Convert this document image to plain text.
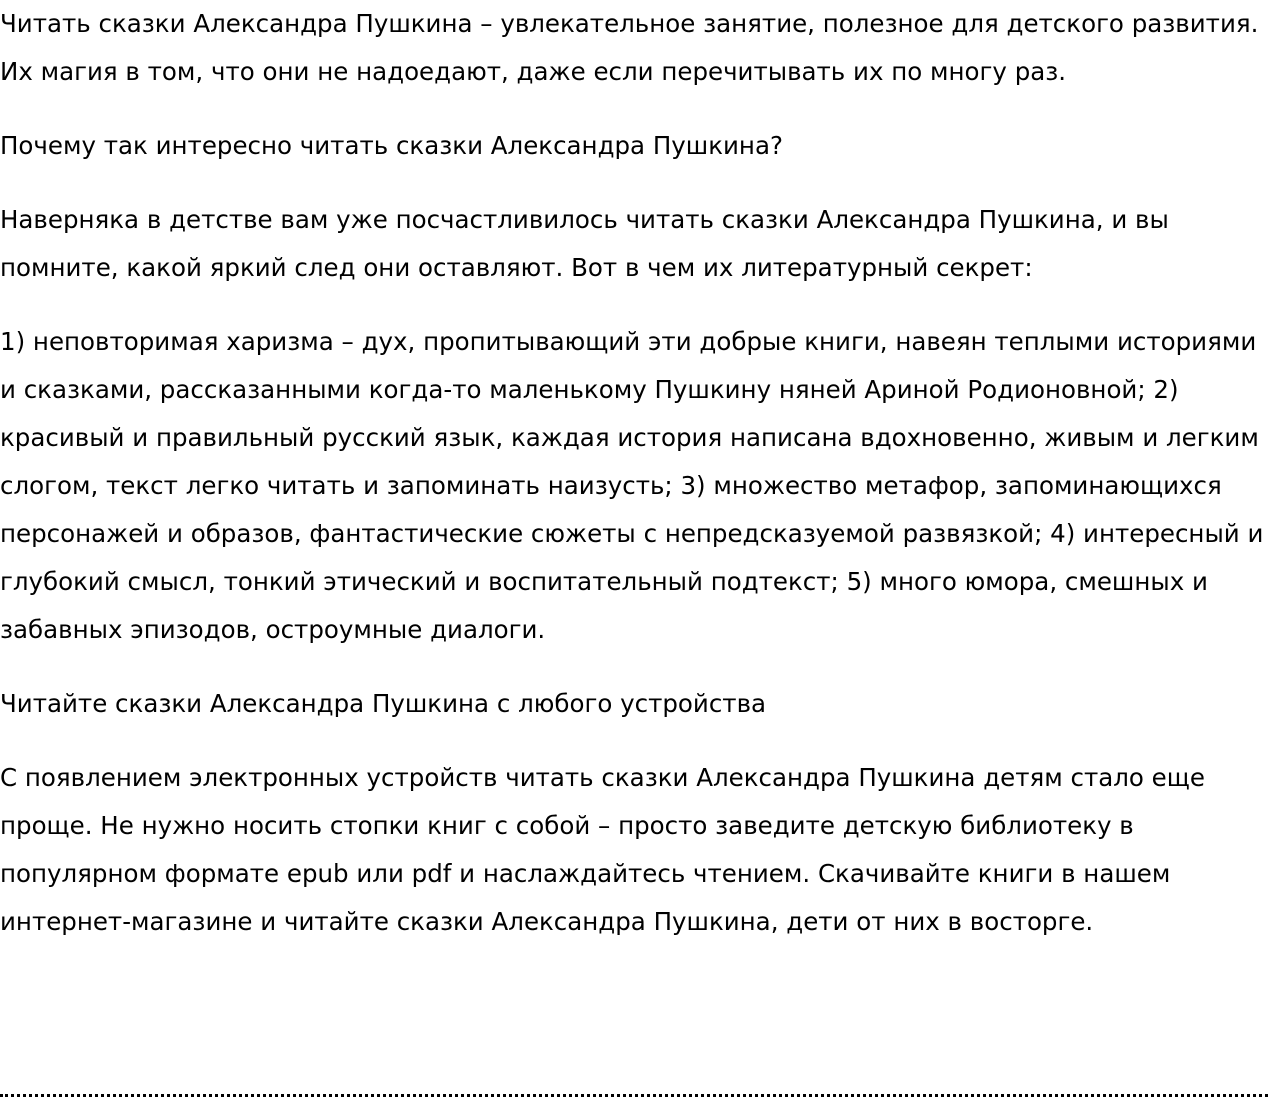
Читать сказки Александра Пушкина – увлекательное занятие, полезное для детского развития. Их магия в том, что они не надоедают, даже если перечитывать их по многу раз.

Почему так интересно читать сказки Александра Пушкина?

Наверняка в детстве вам уже посчастливилось читать сказки Александра Пушкина, и вы помните, какой яркий след они оставляют. Вот в чем их литературный секрет:

1) неповторимая харизма – дух, пропитывающий эти добрые книги, навеян теплыми историями и сказками, рассказанными когда-то маленькому Пушкину няней Ариной Родионовной; 2) красивый и правильный русский язык, каждая история написана вдохновенно, живым и легким слогом, текст легко читать и запоминать наизусть; 3) множество метафор, запоминающихся персонажей и образов, фантастические сюжеты с непредсказуемой развязкой; 4) интересный и глубокий смысл, тонкий этический и воспитательный подтекст; 5) много юмора, смешных и забавных эпизодов, остроумные диалоги.

Читайте сказки Александра Пушкина с любого устройства

С появлением электронных устройств читать сказки Александра Пушкина детям стало еще проще. Не нужно носить стопки книг с собой – просто заведите детскую библиотеку в популярном формате epub или pdf и наслаждайтесь чтением. Скачивайте книги в нашем интернет-магазине и читайте сказки Александра Пушкина, дети от них в восторге.
